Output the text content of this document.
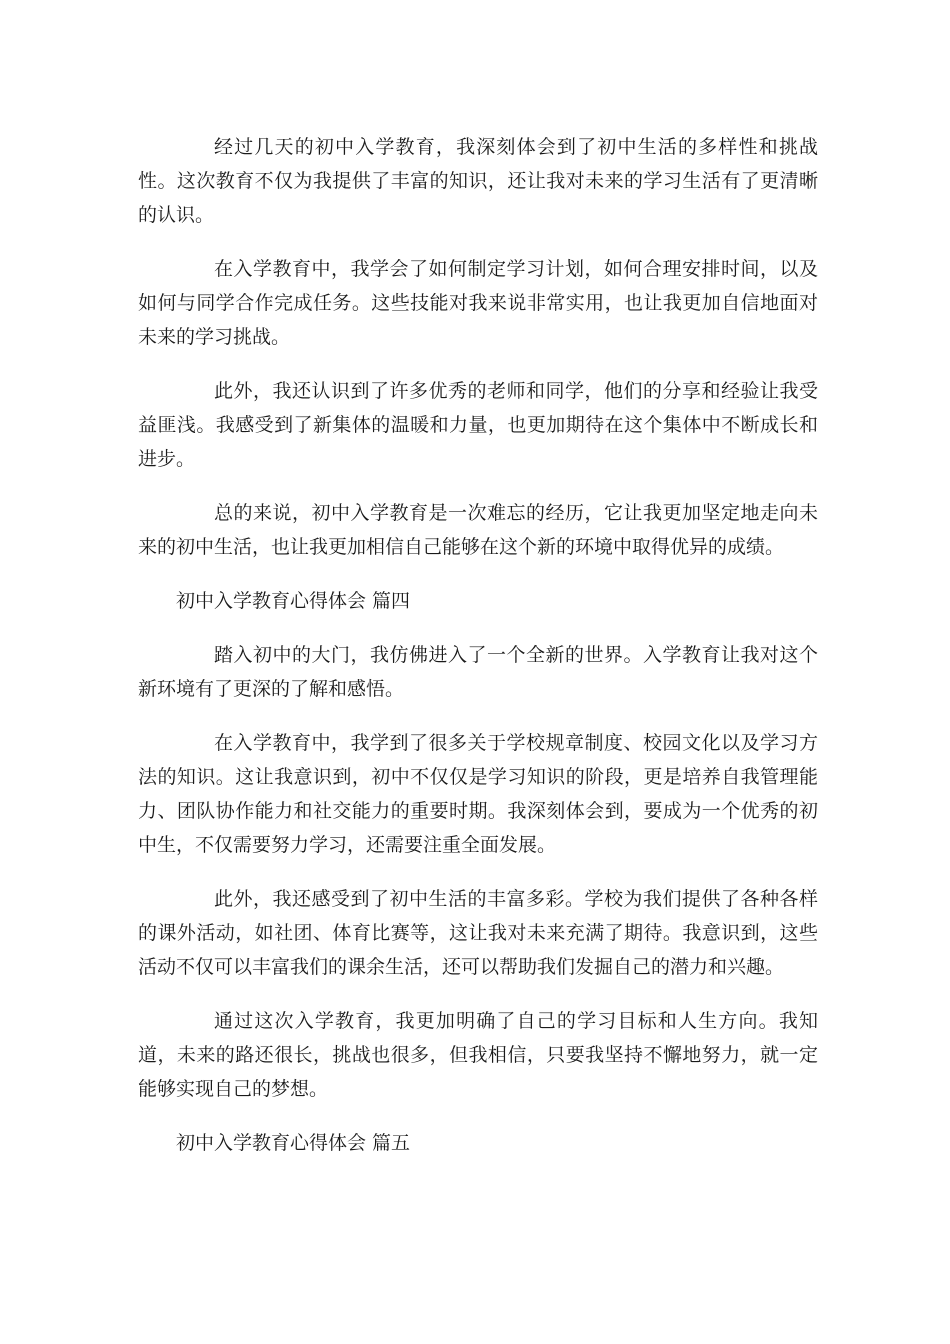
经过几天的初中入学教育，我深刻体会到了初中生活的多样性和挑战性。这次教育不仅为我提供了丰富的知识，还让我对未来的学习生活有了更清晰的认识。

在入学教育中，我学会了如何制定学习计划，如何合理安排时间，以及如何与同学合作完成任务。这些技能对我来说非常实用，也让我更加自信地面对未来的学习挑战。

此外，我还认识到了许多优秀的老师和同学，他们的分享和经验让我受益匪浅。我感受到了新集体的温暖和力量，也更加期待在这个集体中不断成长和进步。

总的来说，初中入学教育是一次难忘的经历，它让我更加坚定地走向未来的初中生活，也让我更加相信自己能够在这个新的环境中取得优异的成绩。

初中入学教育心得体会 篇四

踏入初中的大门，我仿佛进入了一个全新的世界。入学教育让我对这个新环境有了更深的了解和感悟。

在入学教育中，我学到了很多关于学校规章制度、校园文化以及学习方法的知识。这让我意识到，初中不仅仅是学习知识的阶段，更是培养自我管理能力、团队协作能力和社交能力的重要时期。我深刻体会到，要成为一个优秀的初中生，不仅需要努力学习，还需要注重全面发展。

此外，我还感受到了初中生活的丰富多彩。学校为我们提供了各种各样的课外活动，如社团、体育比赛等，这让我对未来充满了期待。我意识到，这些活动不仅可以丰富我们的课余生活，还可以帮助我们发掘自己的潜力和兴趣。

通过这次入学教育，我更加明确了自己的学习目标和人生方向。我知道，未来的路还很长，挑战也很多，但我相信，只要我坚持不懈地努力，就一定能够实现自己的梦想。

初中入学教育心得体会 篇五
